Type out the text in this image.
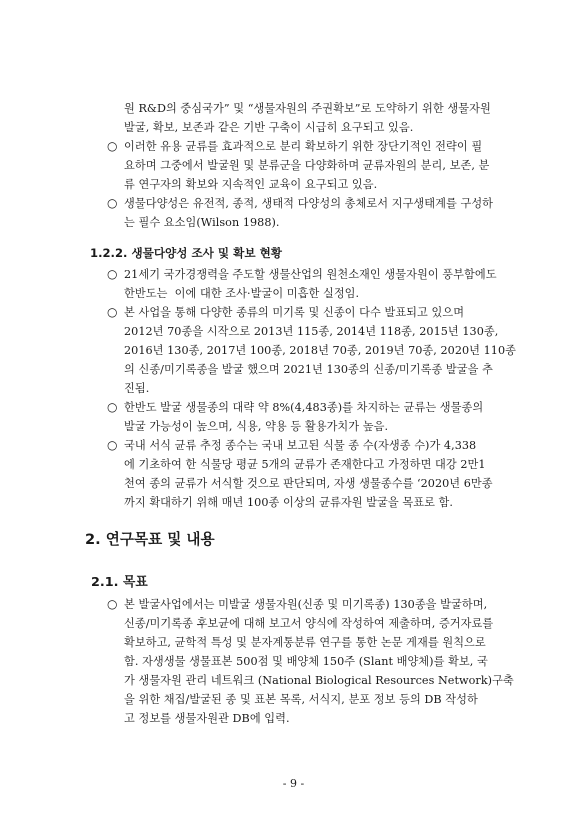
원 R&D의 중심국가” 및 “생물자원의 주권확보”로 도약하기 위한 생물자원
발굴, 확보, 보존과 같은 기반 구축이 시급히 요구되고 있음.
○ 이러한 유용 균류를 효과적으로 분리 확보하기 위한 장단기적인 전략이 필
요하며 그중에서 발굴원 및 분류군을 다양화하며 균류자원의 분리, 보존, 분
류 연구자의 확보와 지속적인 교육이 요구되고 있음.
○ 생물다양성은 유전적, 종적, 생태적 다양성의 총체로서 지구생태계를 구성하
는 필수 요소임(Wilson 1988).
1.2.2. 생물다양성 조사 및 확보 현황
○ 21세기 국가경쟁력을 주도할 생물산업의 원천소재인 생물자원이 풍부함에도
한반도는  이에 대한 조사·발굴이 미흡한 실정임.
○ 본 사업을 통해 다양한 종류의 미기록 및 신종이 다수 발표되고 있으며
2012년 70종을 시작으로 2013년 115종, 2014년 118종, 2015년 130종,
2016년 130종, 2017년 100종, 2018년 70종, 2019년 70종, 2020년 110종
의 신종/미기록종을 발굴 했으며 2021년 130종의 신종/미기록종 발굴을 추
진됨.
○ 한반도 발굴 생물종의 대략 약 8%(4,483종)를 차지하는 균류는 생물종의
발굴 가능성이 높으며, 식용, 약용 등 활용가치가 높음.
○ 국내 서식 균류 추정 종수는 국내 보고된 식물 종 수(자생종 수)가 4,338
에 기초하여 한 식물당 평균 5개의 균류가 존재한다고 가정하면 대강 2만1
천여 종의 균류가 서식할 것으로 판단되며, 자생 생물종수를 ‘2020년 6만종
까지 확대하기 위해 매년 100종 이상의 균류자원 발굴을 목표로 함.
2. 연구목표 및 내용
2.1. 목표
○ 본 발굴사업에서는 미발굴 생물자원(신종 및 미기록종) 130종을 발굴하며,
신종/미기록종 후보균에 대해 보고서 양식에 작성하여 제출하며, 증거자료를
확보하고, 균학적 특성 및 분자계통분류 연구를 통한 논문 게재를 원칙으로
함. 자생생물 생물표본 500점 및 배양체 150주 (Slant 배양체)를 확보, 국
가 생물자원 관리 네트워크 (National Biological Resources Network)구축
을 위한 채집/발굴된 종 및 표본 목록, 서식지, 분포 정보 등의 DB 작성하
고 정보를 생물자원관 DB에 입력.
- 9 -
